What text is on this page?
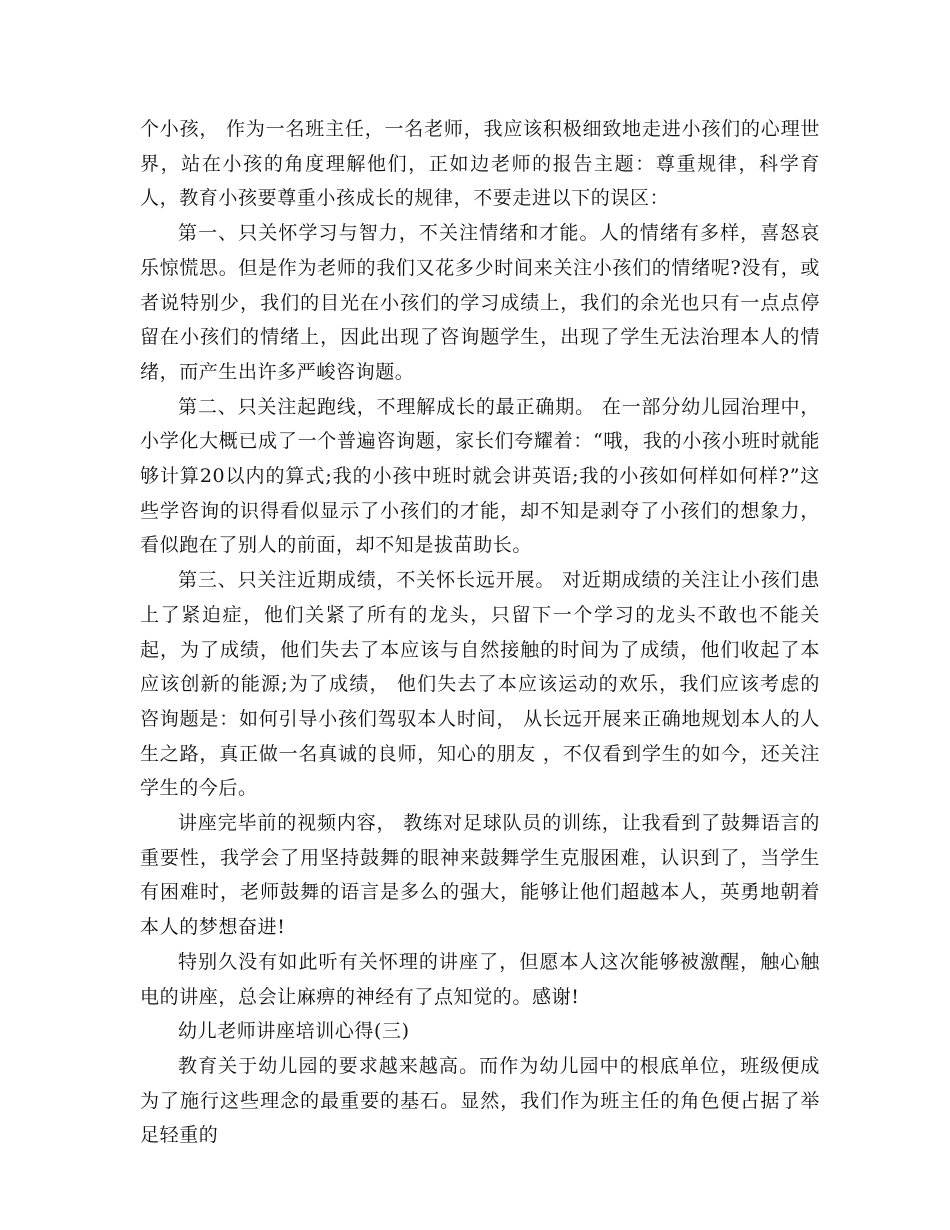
个小孩， 作为一名班主任，一名老师，我应该积极细致地走进小孩们的心理世界，站在小孩的角度理解他们，正如边老师的报告主题：尊重规律，科学育人，教育小孩要尊重小孩成长的规律，不要走进以下的误区：

第一、只关怀学习与智力，不关注情绪和才能。人的情绪有多样，喜怒哀乐惊慌思。但是作为老师的我们又花多少时间来关注小孩们的情绪呢?没有，或者说特别少，我们的目光在小孩们的学习成绩上，我们的余光也只有一点点停留在小孩们的情绪上，因此出现了咨询题学生，出现了学生无法治理本人的情绪，而产生出许多严峻咨询题。

第二、只关注起跑线，不理解成长的最正确期。 在一部分幼儿园治理中，小学化大概已成了一个普遍咨询题，家长们夸耀着：“哦，我的小孩小班时就能够计算20以内的算式;我的小孩中班时就会讲英语;我的小孩如何样如何样?”这些学咨询的识得看似显示了小孩们的才能，却不知是剥夺了小孩们的想象力，看似跑在了别人的前面，却不知是拔苗助长。

第三、只关注近期成绩，不关怀长远开展。 对近期成绩的关注让小孩们患上了紧迫症，他们关紧了所有的龙头，只留下一个学习的龙头不敢也不能关起，为了成绩，他们失去了本应该与自然接触的时间为了成绩，他们收起了本应该创新的能源;为了成绩， 他们失去了本应该运动的欢乐，我们应该考虑的咨询题是：如何引导小孩们驾驭本人时间， 从长远开展来正确地规划本人的人生之路，真正做一名真诚的良师，知心的朋友 ，不仅看到学生的如今，还关注学生的今后。

讲座完毕前的视频内容， 教练对足球队员的训练，让我看到了鼓舞语言的重要性，我学会了用坚持鼓舞的眼神来鼓舞学生克服困难，认识到了，当学生有困难时，老师鼓舞的语言是多么的强大，能够让他们超越本人，英勇地朝着本人的梦想奋进!

特别久没有如此听有关怀理的讲座了，但愿本人这次能够被激醒，触心触电的讲座，总会让麻痹的神经有了点知觉的。感谢!

幼儿老师讲座培训心得(三)

教育关于幼儿园的要求越来越高。而作为幼儿园中的根底单位，班级便成为了施行这些理念的最重要的基石。显然，我们作为班主任的角色便占据了举足轻重的
